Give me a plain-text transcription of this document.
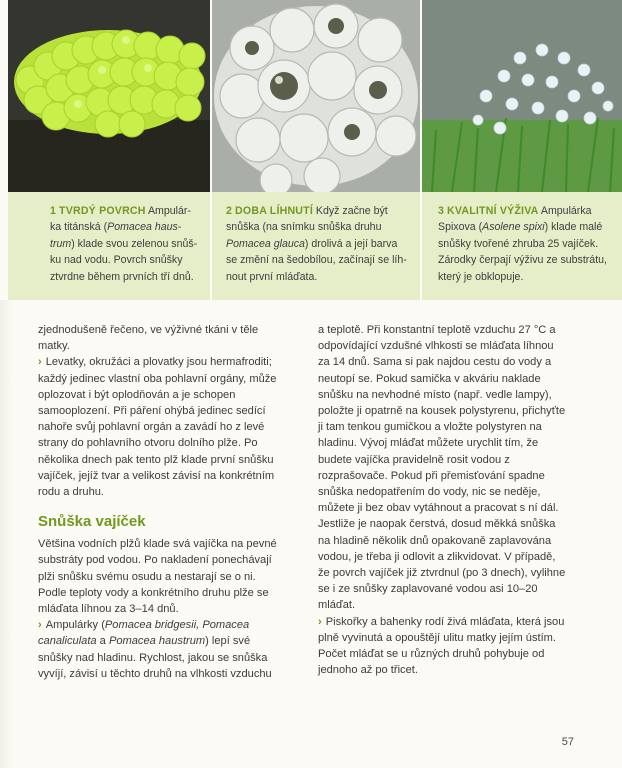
1 TVRDÝ POVRCH Ampulár-ka titánská (Pomacea haus-trum) klade svou zelenou snůš-ku nad vodu. Povrch snůšky ztvrdne během prvních tří dnů.
2 DOBA LÍHNUTÍ Když začne být snůška (na snímku snůška druhu Pomacea glauca) drolivá a její barva se změní na šedobílou, začínají se líh-nout první mláďata.
3 KVALITNÍ VÝŽIVA Ampulárka Spixova (Asolene spixi) klade malé snůšky tvořené zhruba 25 vajíček. Zárodky čerpají výživu ze substrátu, který je obklopuje.

zjednodušeně řečeno, ve výživné tkáni v těle matky.

› Levatky, okružáci a plovatky jsou hermafroditi; každý jedinec vlastní oba pohlavní orgány, může oplozovat i být oplodňován a je schopen samooplození. Při páření ohýbá jedinec sedící nahoře svůj pohlavní orgán a zavádí ho z levé strany do pohlavního otvoru dolního plže. Po několika dnech pak tento plž klade první snůšku vajíček, jejíž tvar a velikost závisí na konkrétním rodu a druhu.

Snůška vajíček

Většina vodních plžů klade svá vajíčka na pevné substráty pod vodou. Po nakladení ponechávají plži snůšku svému osudu a nestarají se o ni. Podle teploty vody a konkrétního druhu plže se mláďata líhnou za 3–14 dnů.

› Ampulárky (Pomacea bridgesii, Pomacea canaliculata a Pomacea haustrum) lepí své snůšky nad hladinu. Rychlost, jakou se snůška vyvíjí, závisí u těchto druhů na vlhkosti vzduchu

a teplotě. Při konstantní teplotě vzduchu 27 °C a odpovídající vzdušné vlhkosti se mláďata líhnou za 14 dnů. Sama si pak najdou cestu do vody a neutopí se. Pokud samička v akváriu naklade snůšku na nevhodné místo (např. vedle lampy), položte ji opatrně na kousek polystyrenu, přichyťte ji tam tenkou gumičkou a vložte polystyren na hladinu. Vývoj mláďat můžete urychlit tím, že budete vajíčka pravidelně rosit vodou z rozprašovače. Pokud při přemisťování spadne snůška nedopatřením do vody, nic se neděje, můžete ji bez obav vytáhnout a pracovat s ní dál. Jestliže je naopak čerstvá, dosud měkká snůška na hladině několik dnů opakovaně zaplavována vodou, je třeba ji odlovit a zlikvidovat. V případě, že povrch vajíček již ztvrdnul (po 3 dnech), vylihne se i ze snůšky zaplavované vodou asi 10–20 mláďat.

› Piskořky a bahenky rodí živá mláďata, která jsou plně vyvinutá a opouštějí ulitu matky jejím ústím. Počet mláďat se u různých druhů pohybuje od jednoho až po třicet.

57
